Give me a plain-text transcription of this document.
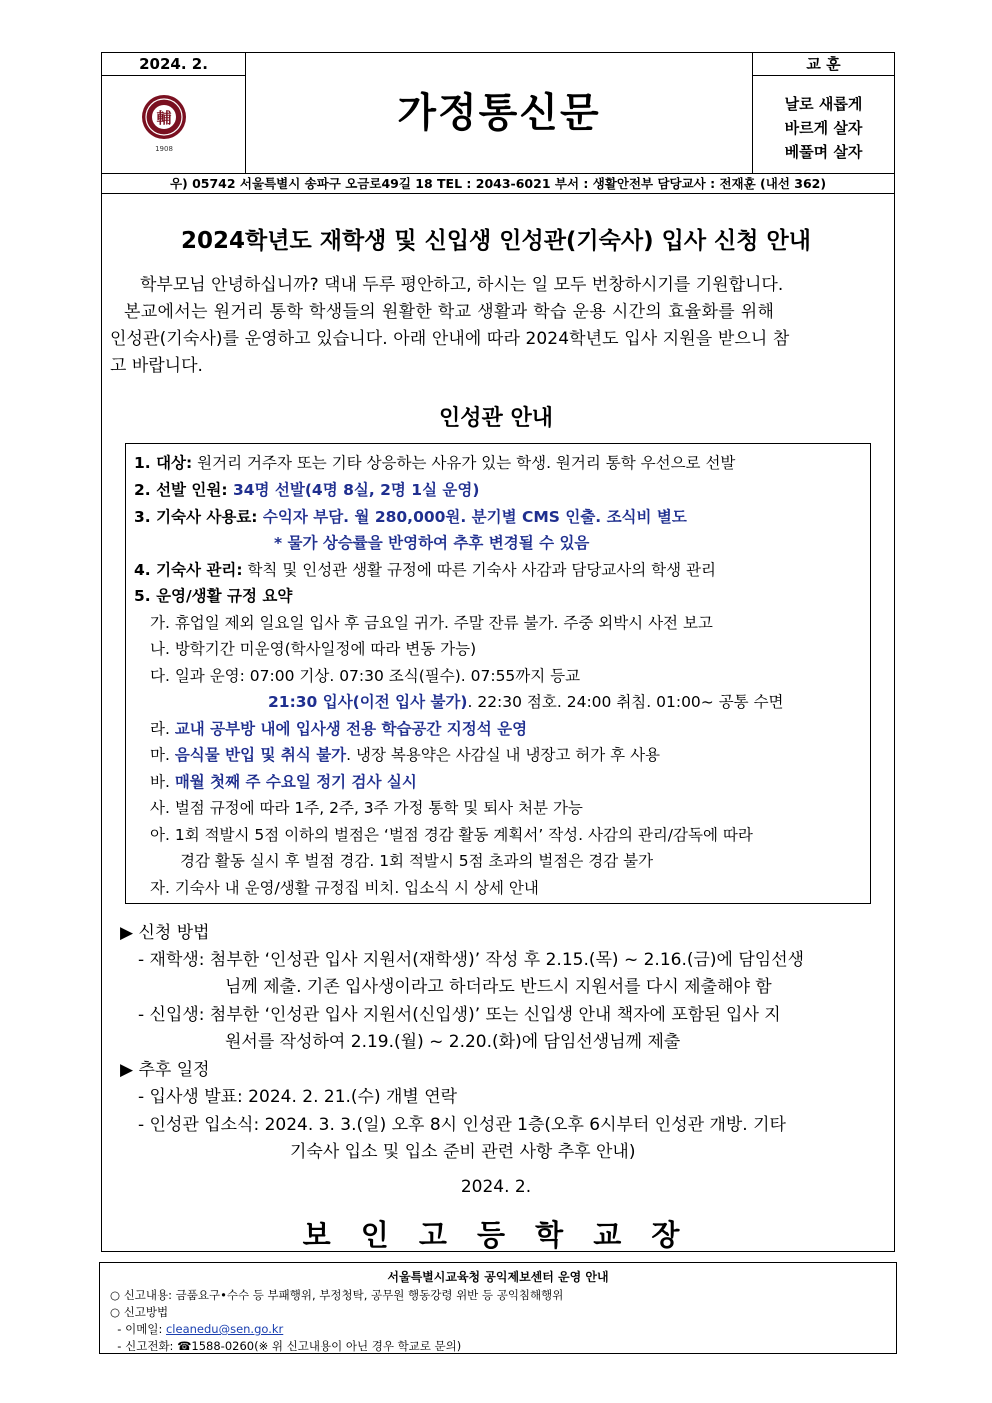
2024. 2.
輔
1908
가정통신문
교 훈
날로 새롭게
바르게 살자
베풀며 살자
우) 05742 서울특별시 송파구 오금로49길 18 TEL : 2043-6021 부서 : 생활안전부 담당교사 : 전재훈 (내선 362)
2024학년도 재학생 및 신입생 인성관(기숙사) 입사 신청 안내
학부모님 안녕하십니까? 댁내 두루 평안하고, 하시는 일 모두 번창하시기를 기원합니다.
본교에서는 원거리 통학 학생들의 원활한 학교 생활과 학습 운용 시간의 효율화를 위해
인성관(기숙사)를 운영하고 있습니다. 아래 안내에 따라 2024학년도 입사 지원을 받으니 참
고 바랍니다.
인성관 안내
1. 대상: 원거리 거주자 또는 기타 상응하는 사유가 있는 학생. 원거리 통학 우선으로 선발
2. 선발 인원: 34명 선발(4명 8실, 2명 1실 운영)
3. 기숙사 사용료: 수익자 부담. 월 280,000원. 분기별 CMS 인출. 조식비 별도
* 물가 상승률을 반영하여 추후 변경될 수 있음
4. 기숙사 관리: 학칙 및 인성관 생활 규정에 따른 기숙사 사감과 담당교사의 학생 관리
5. 운영/생활 규정 요약
가. 휴업일 제외 일요일 입사 후 금요일 귀가. 주말 잔류 불가. 주중 외박시 사전 보고
나. 방학기간 미운영(학사일정에 따라 변동 가능)
다. 일과 운영: 07:00 기상. 07:30 조식(필수). 07:55까지 등교
21:30 입사(이전 입사 불가). 22:30 점호. 24:00 취침. 01:00~ 공통 수면
라. 교내 공부방 내에 입사생 전용 학습공간 지정석 운영
마. 음식물 반입 및 취식 불가. 냉장 복용약은 사감실 내 냉장고 허가 후 사용
바. 매월 첫째 주 수요일 정기 검사 실시
사. 벌점 규정에 따라 1주, 2주, 3주 가정 통학 및 퇴사 처분 가능
아. 1회 적발시 5점 이하의 벌점은 ‘벌점 경감 활동 계획서’ 작성. 사감의 관리/감독에 따라
경감 활동 실시 후 벌점 경감. 1회 적발시 5점 초과의 벌점은 경감 불가
자. 기숙사 내 운영/생활 규정집 비치. 입소식 시 상세 안내
▶ 신청 방법
- 재학생: 첨부한 ‘인성관 입사 지원서(재학생)’ 작성 후 2.15.(목) ~ 2.16.(금)에 담임선생
님께 제출. 기존 입사생이라고 하더라도 반드시 지원서를 다시 제출해야 함
- 신입생: 첨부한 ‘인성관 입사 지원서(신입생)’ 또는 신입생 안내 책자에 포함된 입사 지
원서를 작성하여 2.19.(월) ~ 2.20.(화)에 담임선생님께 제출
▶ 추후 일정
- 입사생 발표: 2024. 2. 21.(수) 개별 연락
- 인성관 입소식: 2024. 3. 3.(일) 오후 8시 인성관 1층(오후 6시부터 인성관 개방. 기타
기숙사 입소 및 입소 준비 관련 사항 추후 안내)
2024. 2.
보 인 고 등 학 교 장
서울특별시교육청 공익제보센터 운영 안내
○ 신고내용: 금품요구•수수 등 부패행위, 부정청탁, 공무원 행동강령 위반 등 공익침해행위
○ 신고방법
- 이메일: cleanedu@sen.go.kr
- 신고전화: ☎1588-0260(※ 위 신고내용이 아닌 경우 학교로 문의)
